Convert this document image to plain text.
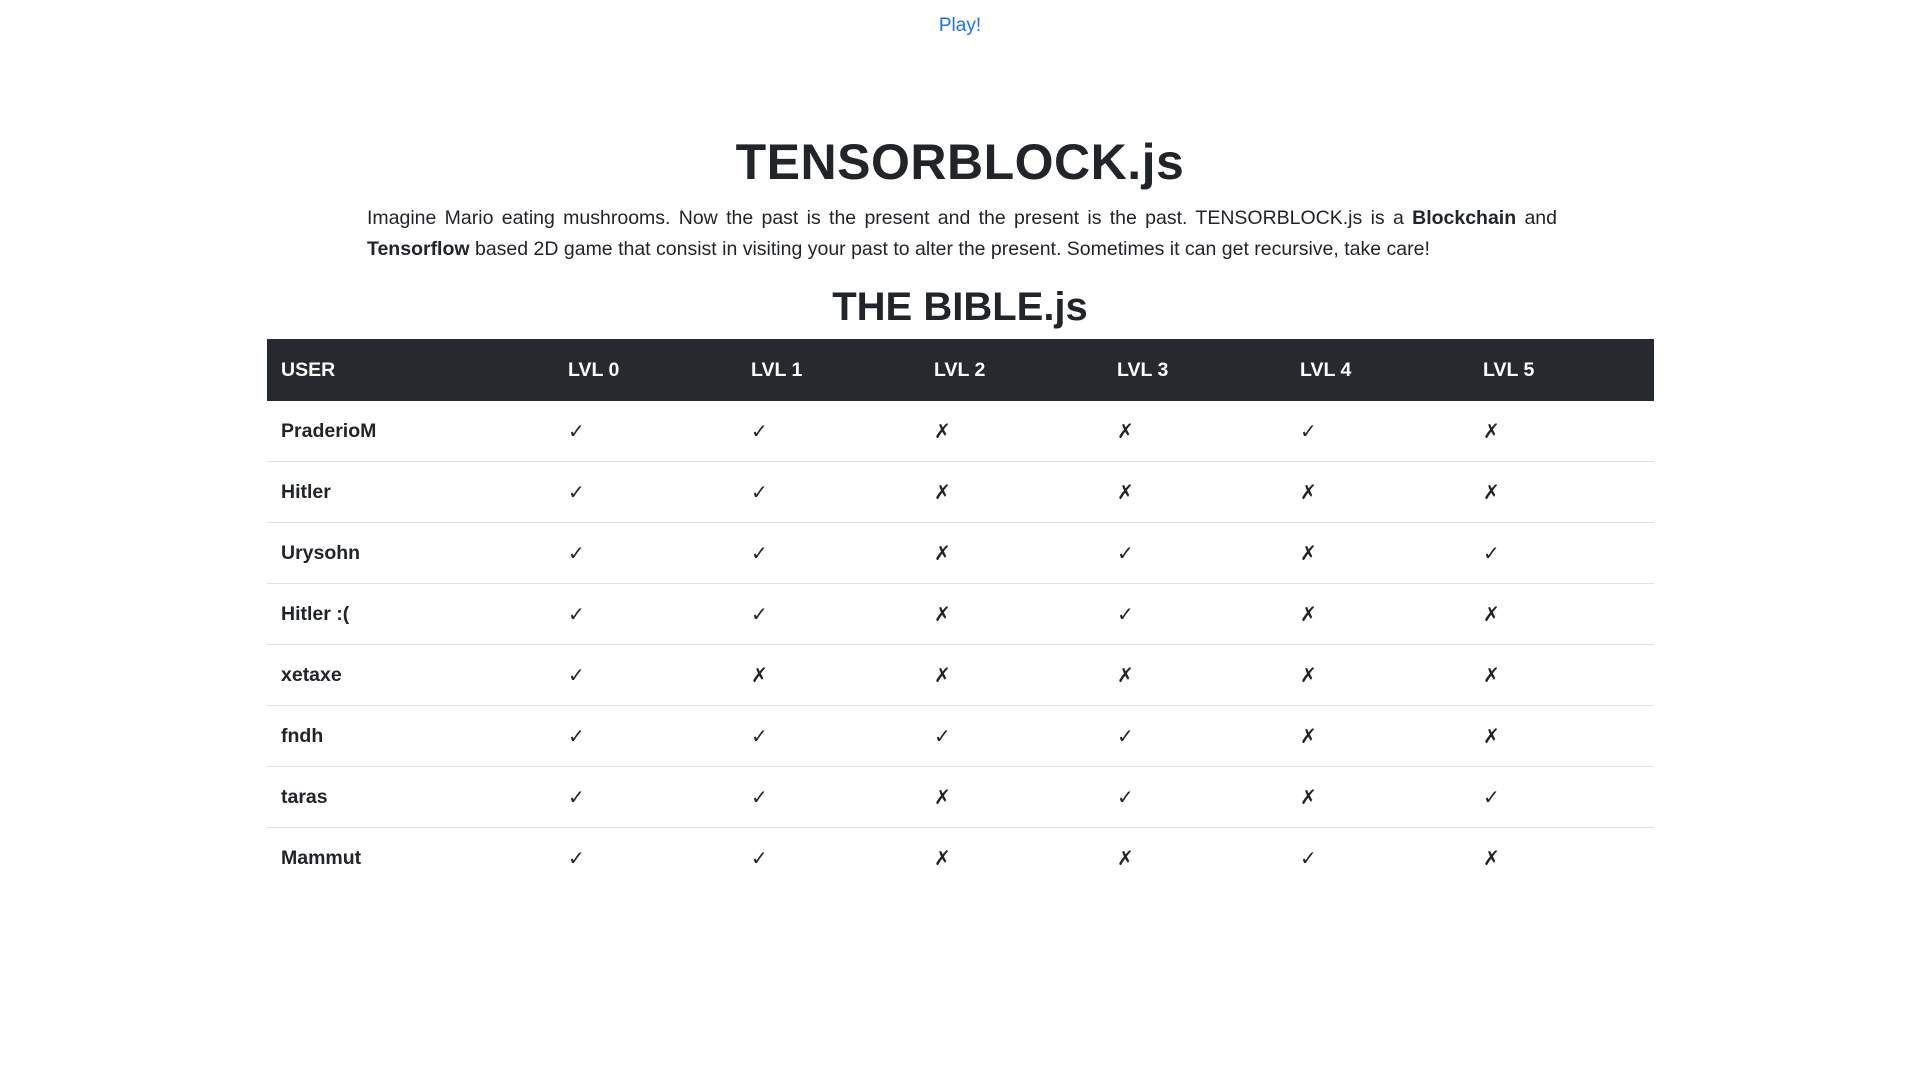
Play!
TENSORBLOCK.js

Imagine Mario eating mushrooms. Now the past is the present and the present is the past. TENSORBLOCK.js is a Blockchain and Tensorflow based 2D game that consist in visiting your past to alter the present. Sometimes it can get recursive, take care!

THE BIBLE.js
USER	LVL 0	LVL 1	LVL 2	LVL 3	LVL 4	LVL 5
PraderioM	✓	✓	✗	✗	✓	✗
Hitler	✓	✓	✗	✗	✗	✗
Urysohn	✓	✓	✗	✓	✗	✓
Hitler :(	✓	✓	✗	✓	✗	✗
xetaxe	✓	✗	✗	✗	✗	✗
fndh	✓	✓	✓	✓	✗	✗
taras	✓	✓	✗	✓	✗	✓
Mammut	✓	✓	✗	✗	✓	✗
